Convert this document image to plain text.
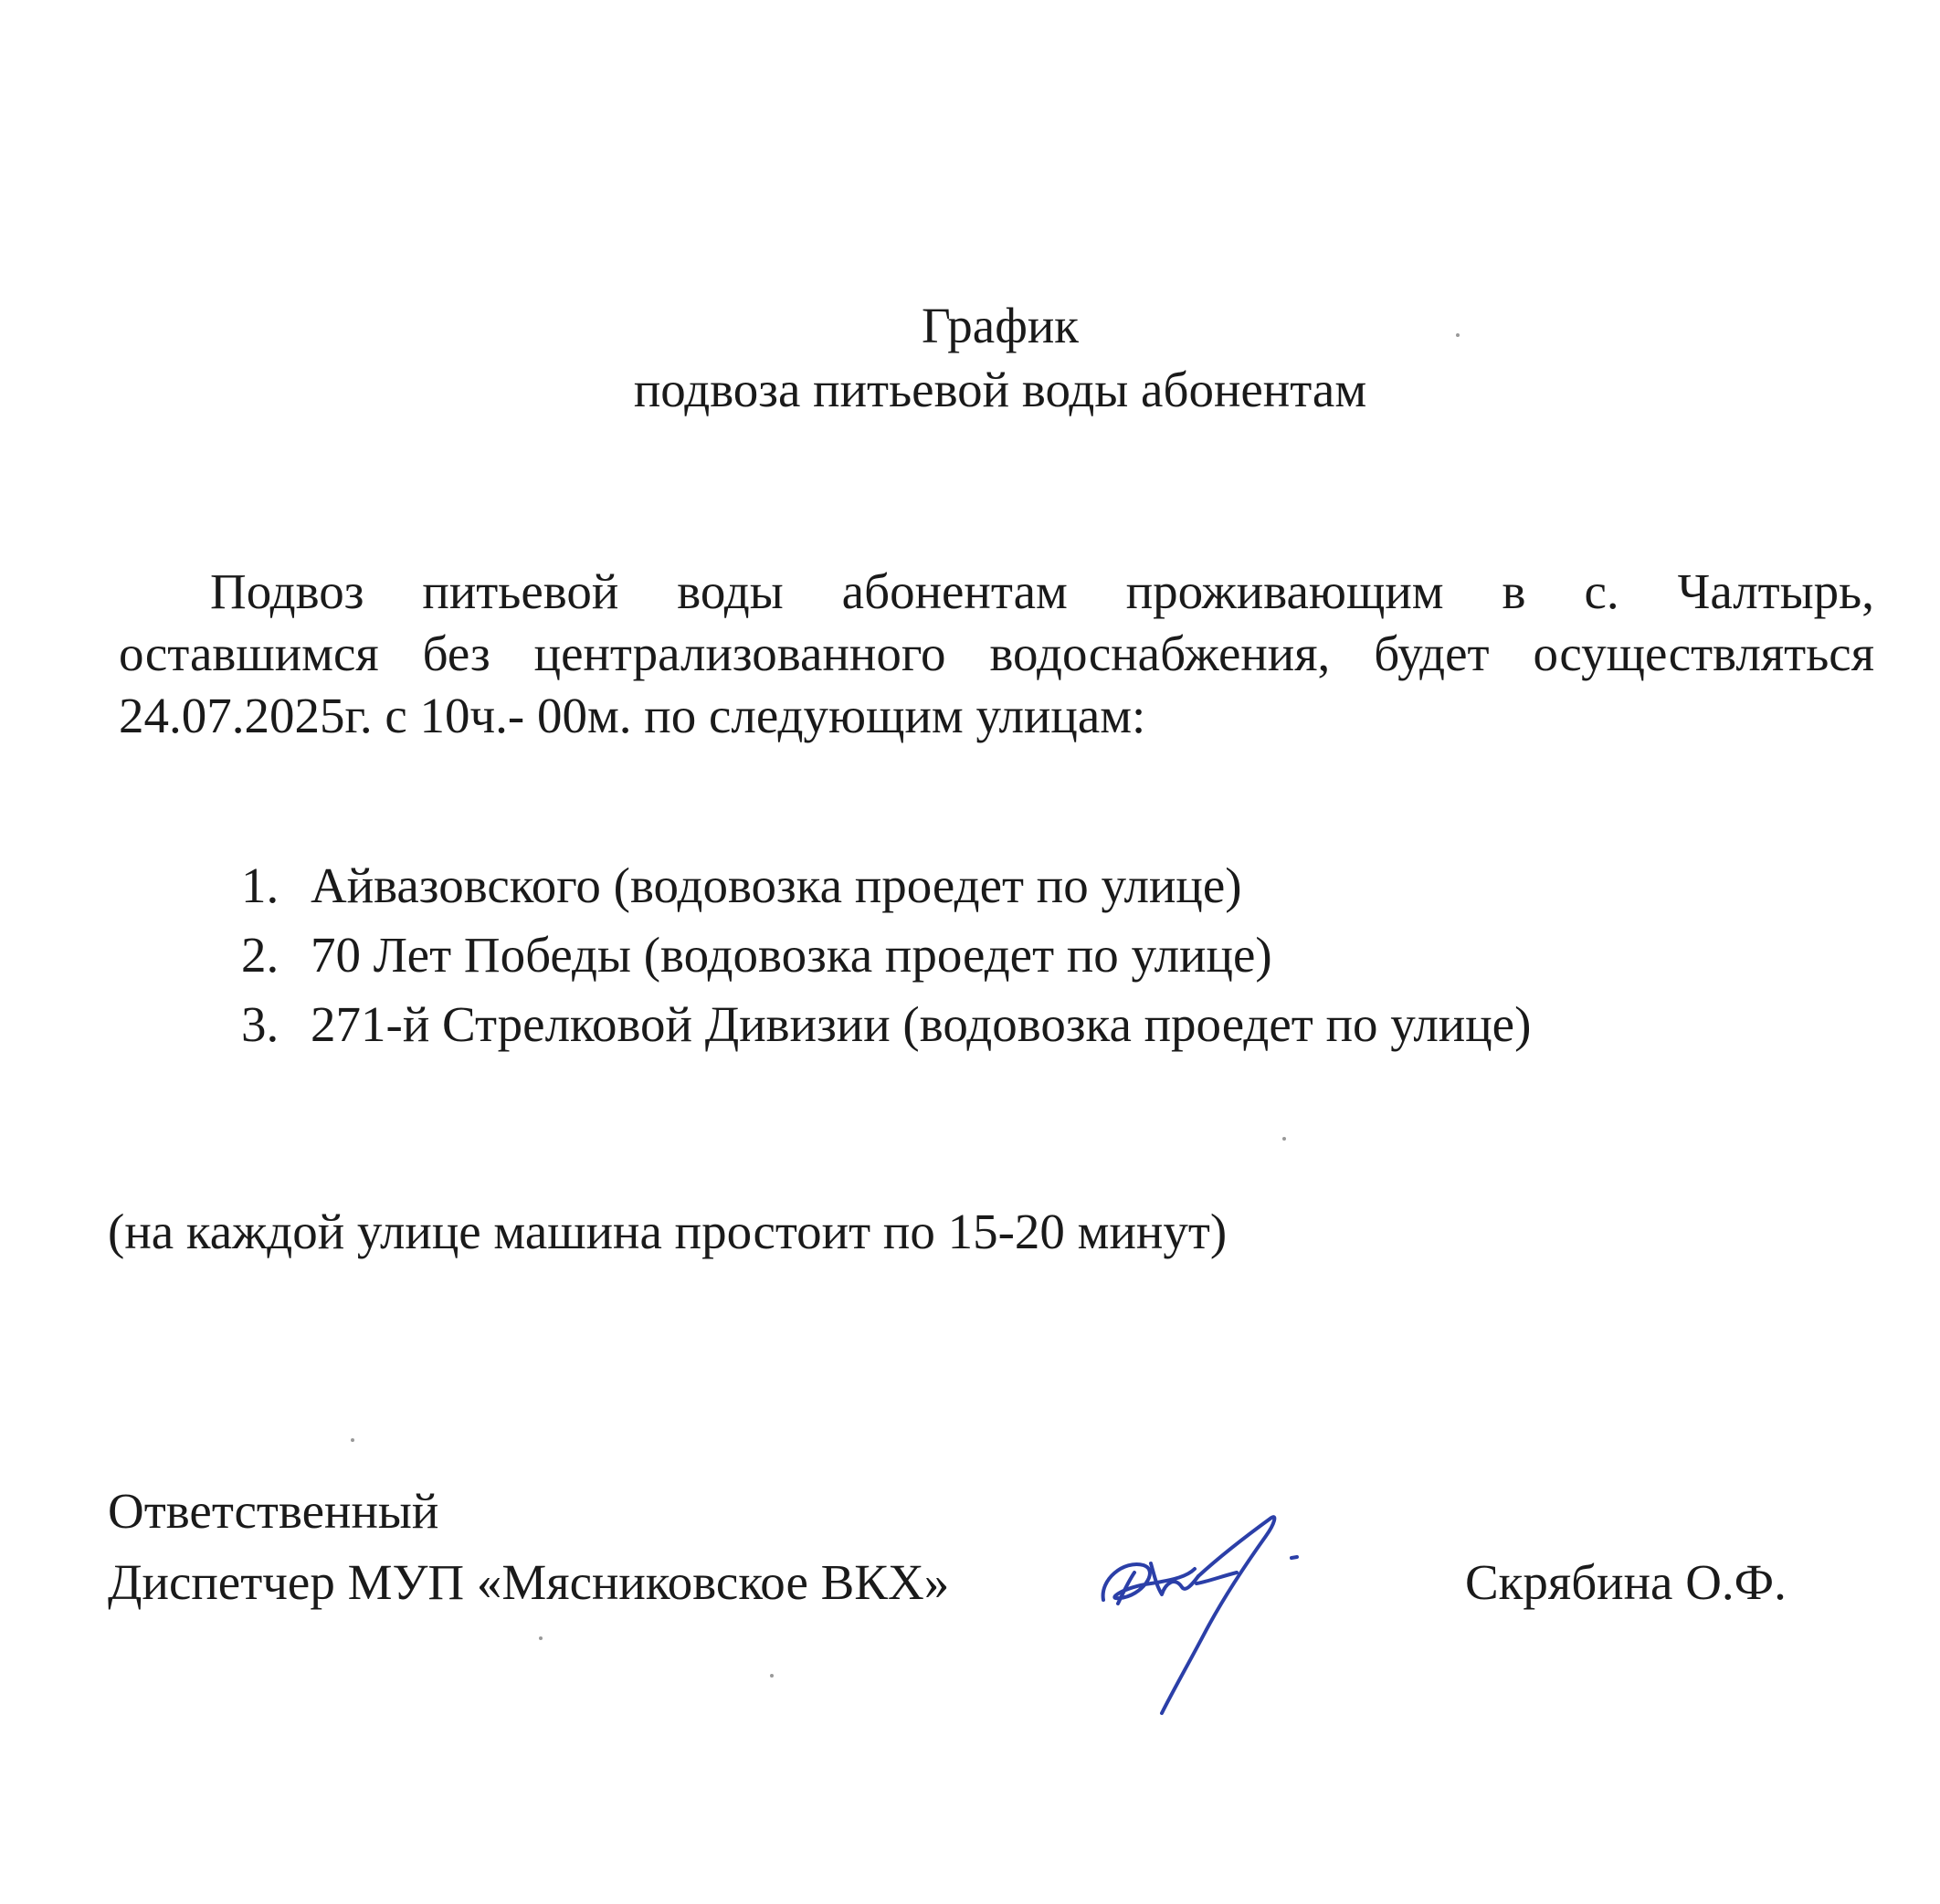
График
подвоза питьевой воды абонентам
Подвоз питьевой воды абонентам проживающим в с. Чалтырь,
оставшимся без централизованного водоснабжения, будет осуществляться
24.07.2025г. с 10ч.- 00м. по следующим улицам:
1. Айвазовского (водовозка проедет по улице)
2. 70 Лет Победы (водовозка проедет по улице)
3. 271-й Стрелковой Дивизии (водовозка проедет по улице)
(на каждой улице машина простоит по 15-20 минут)
Ответственный
Диспетчер МУП «Мясниковское ВКХ»	Скрябина О.Ф.
